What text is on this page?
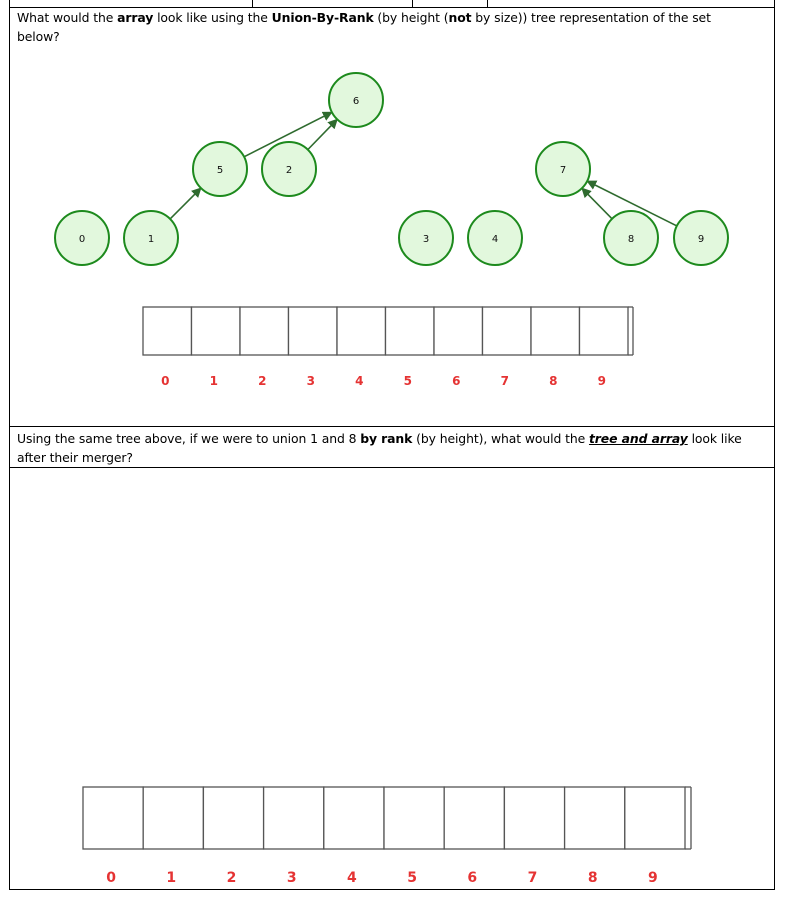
What would the array look like using the Union-By-Rank (by height (not by size)) tree representation of the set below?
0	1
2
3	4
5
6
7
8	9
0	1	2	3	4	5	6	7	8	9
Using the same tree above, if we were to union 1 and 8 by rank (by height), what would the tree and array look like after their merger?
0	1	2	3	4	5	6	7	8	9
